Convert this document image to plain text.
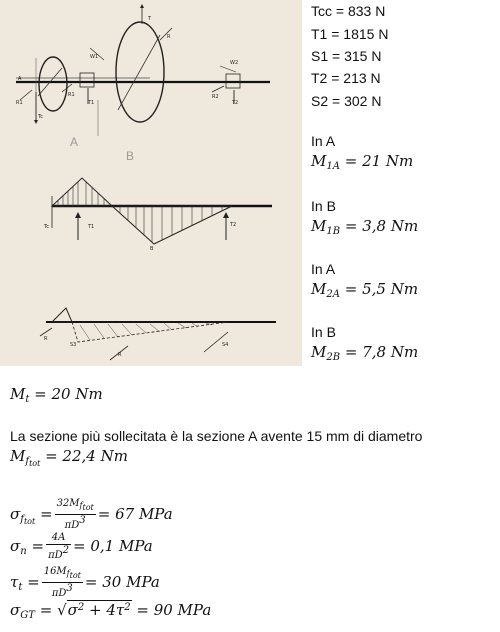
A
T
R
W1
W2
Tc
R1
R1
T1
R2
T2
A
B
Tc	T1
B
T2
R
S3
R
S4
Tcc = 833 N
T1 = 1815 N
S1 = 315 N
T2 = 213 N
S2 = 302 N
In A
$M_{1A} = 21$ Nm
In B
$M_{1B} = 3,8$ Nm
In A
$M_{2A} = 5,5$ Nm
In B
$M_{2B} = 7,8$ Nm
$M_t = 20$ Nm
La sezione più sollecitata è la sezione A avente 15 mm di diametro
$M_{f_{tot}} = 22,4$ Nm
$\sigma_{f_{tot}} = \frac{32M_{f_{tot}}}{\pi D^3} = 67$ MPa
$\sigma_n = \frac{4A}{\pi D^2} = 0,1$ MPa
$\tau_t = \frac{16M_{f_{tot}}}{\pi D^3} = 30$ MPa
$\sigma_{GT} = √\sigma^2 + 4\tau^2 = 90$ MPa
